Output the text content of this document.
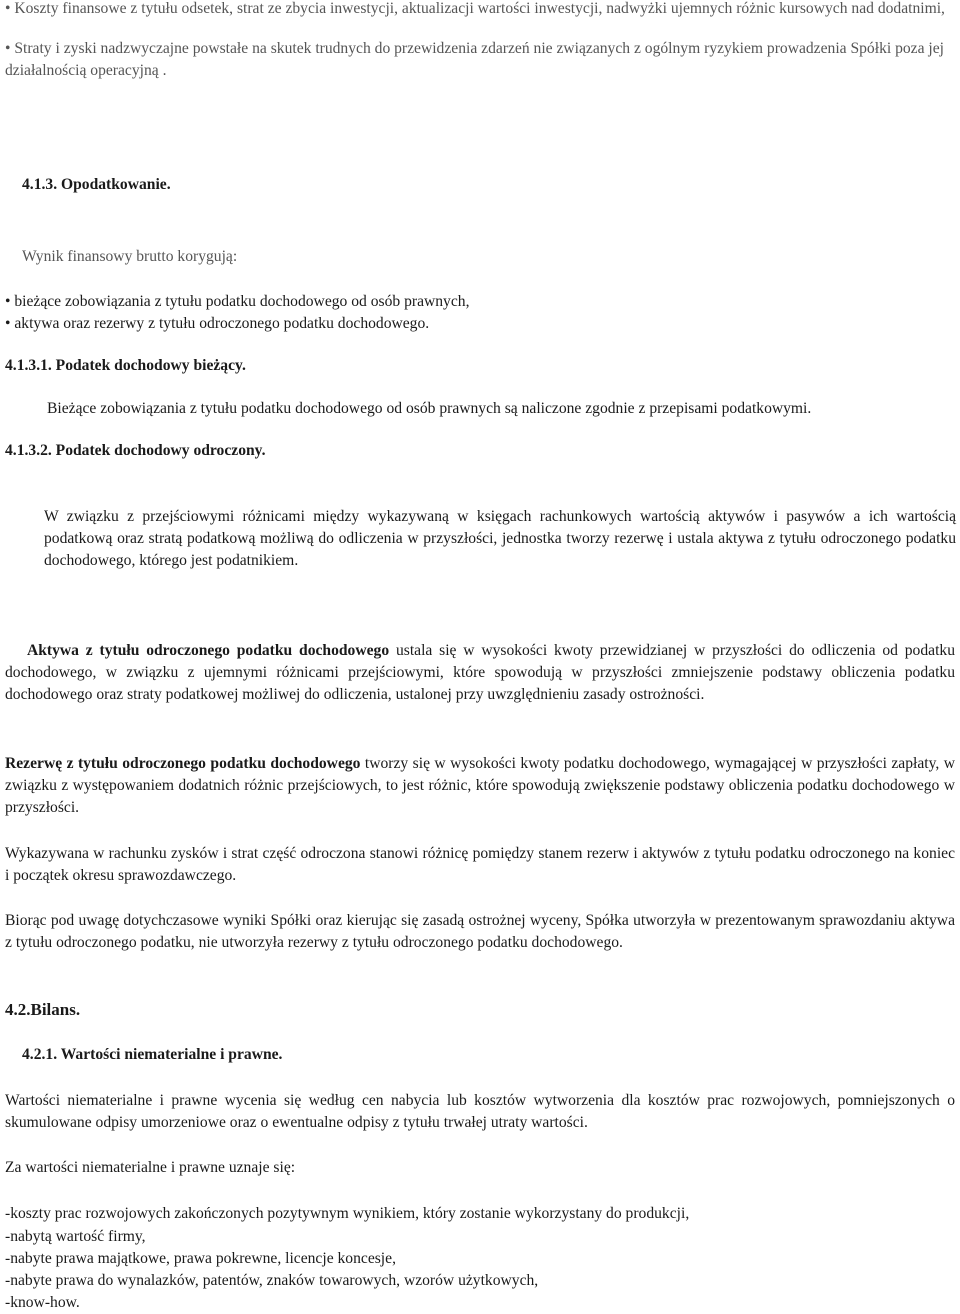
• Koszty finansowe z tytułu odsetek, strat ze zbycia inwestycji, aktualizacji wartości inwestycji, nadwyżki ujemnych różnic kursowych nad dodatnimi,

• Straty i zyski nadzwyczajne powstałe na skutek trudnych do przewidzenia zdarzeń nie związanych z ogólnym ryzykiem prowadzenia Spółki poza jej działalnością operacyjną .

4.1.3. Opodatkowanie.

Wynik finansowy brutto korygują:

• bieżące zobowiązania z tytułu podatku dochodowego od osób prawnych,

• aktywa oraz rezerwy z tytułu odroczonego podatku dochodowego.

4.1.3.1. Podatek dochodowy bieżący.

Bieżące zobowiązania z tytułu podatku dochodowego od osób prawnych są naliczone zgodnie z przepisami podatkowymi.

4.1.3.2. Podatek dochodowy odroczony.

W związku z przejściowymi różnicami między wykazywaną w księgach rachunkowych wartością aktywów i pasywów a ich wartością podatkową oraz stratą podatkową możliwą do odliczenia w przyszłości, jednostka tworzy rezerwę i ustala aktywa z tytułu odroczonego podatku dochodowego, którego jest podatnikiem.

Aktywa z tytułu odroczonego podatku dochodowego ustala się w wysokości kwoty przewidzianej w przyszłości do odliczenia od podatku dochodowego, w związku z ujemnymi różnicami przejściowymi, które spowodują w przyszłości zmniejszenie podstawy obliczenia podatku dochodowego oraz straty podatkowej możliwej do odliczenia, ustalonej przy uwzględnieniu zasady ostrożności.

Rezerwę z tytułu odroczonego podatku dochodowego tworzy się w wysokości kwoty podatku dochodowego, wymagającej w przyszłości zapłaty, w związku z występowaniem dodatnich różnic przejściowych, to jest różnic, które spowodują zwiększenie podstawy obliczenia podatku dochodowego w przyszłości.

Wykazywana w rachunku zysków i strat część odroczona stanowi różnicę pomiędzy stanem rezerw i aktywów z tytułu podatku odroczonego na koniec i początek okresu sprawozdawczego.

Biorąc pod uwagę dotychczasowe wyniki Spółki oraz kierując się zasadą ostrożnej wyceny, Spółka utworzyła w prezentowanym sprawozdaniu aktywa z tytułu odroczonego podatku, nie utworzyła rezerwy z tytułu odroczonego podatku dochodowego.

4.2.Bilans.

4.2.1. Wartości niematerialne i prawne.

Wartości niematerialne i prawne wycenia się według cen nabycia lub kosztów wytworzenia dla kosztów prac rozwojowych, pomniejszonych o skumulowane odpisy umorzeniowe oraz o ewentualne odpisy z tytułu trwałej utraty wartości.

Za wartości niematerialne i prawne uznaje się:

-koszty prac rozwojowych zakończonych pozytywnym wynikiem, który zostanie wykorzystany do produkcji,

-nabytą wartość firmy,

-nabyte prawa majątkowe, prawa pokrewne, licencje koncesje,

-nabyte prawa do wynalazków, patentów, znaków towarowych, wzorów użytkowych,

-know-how.
